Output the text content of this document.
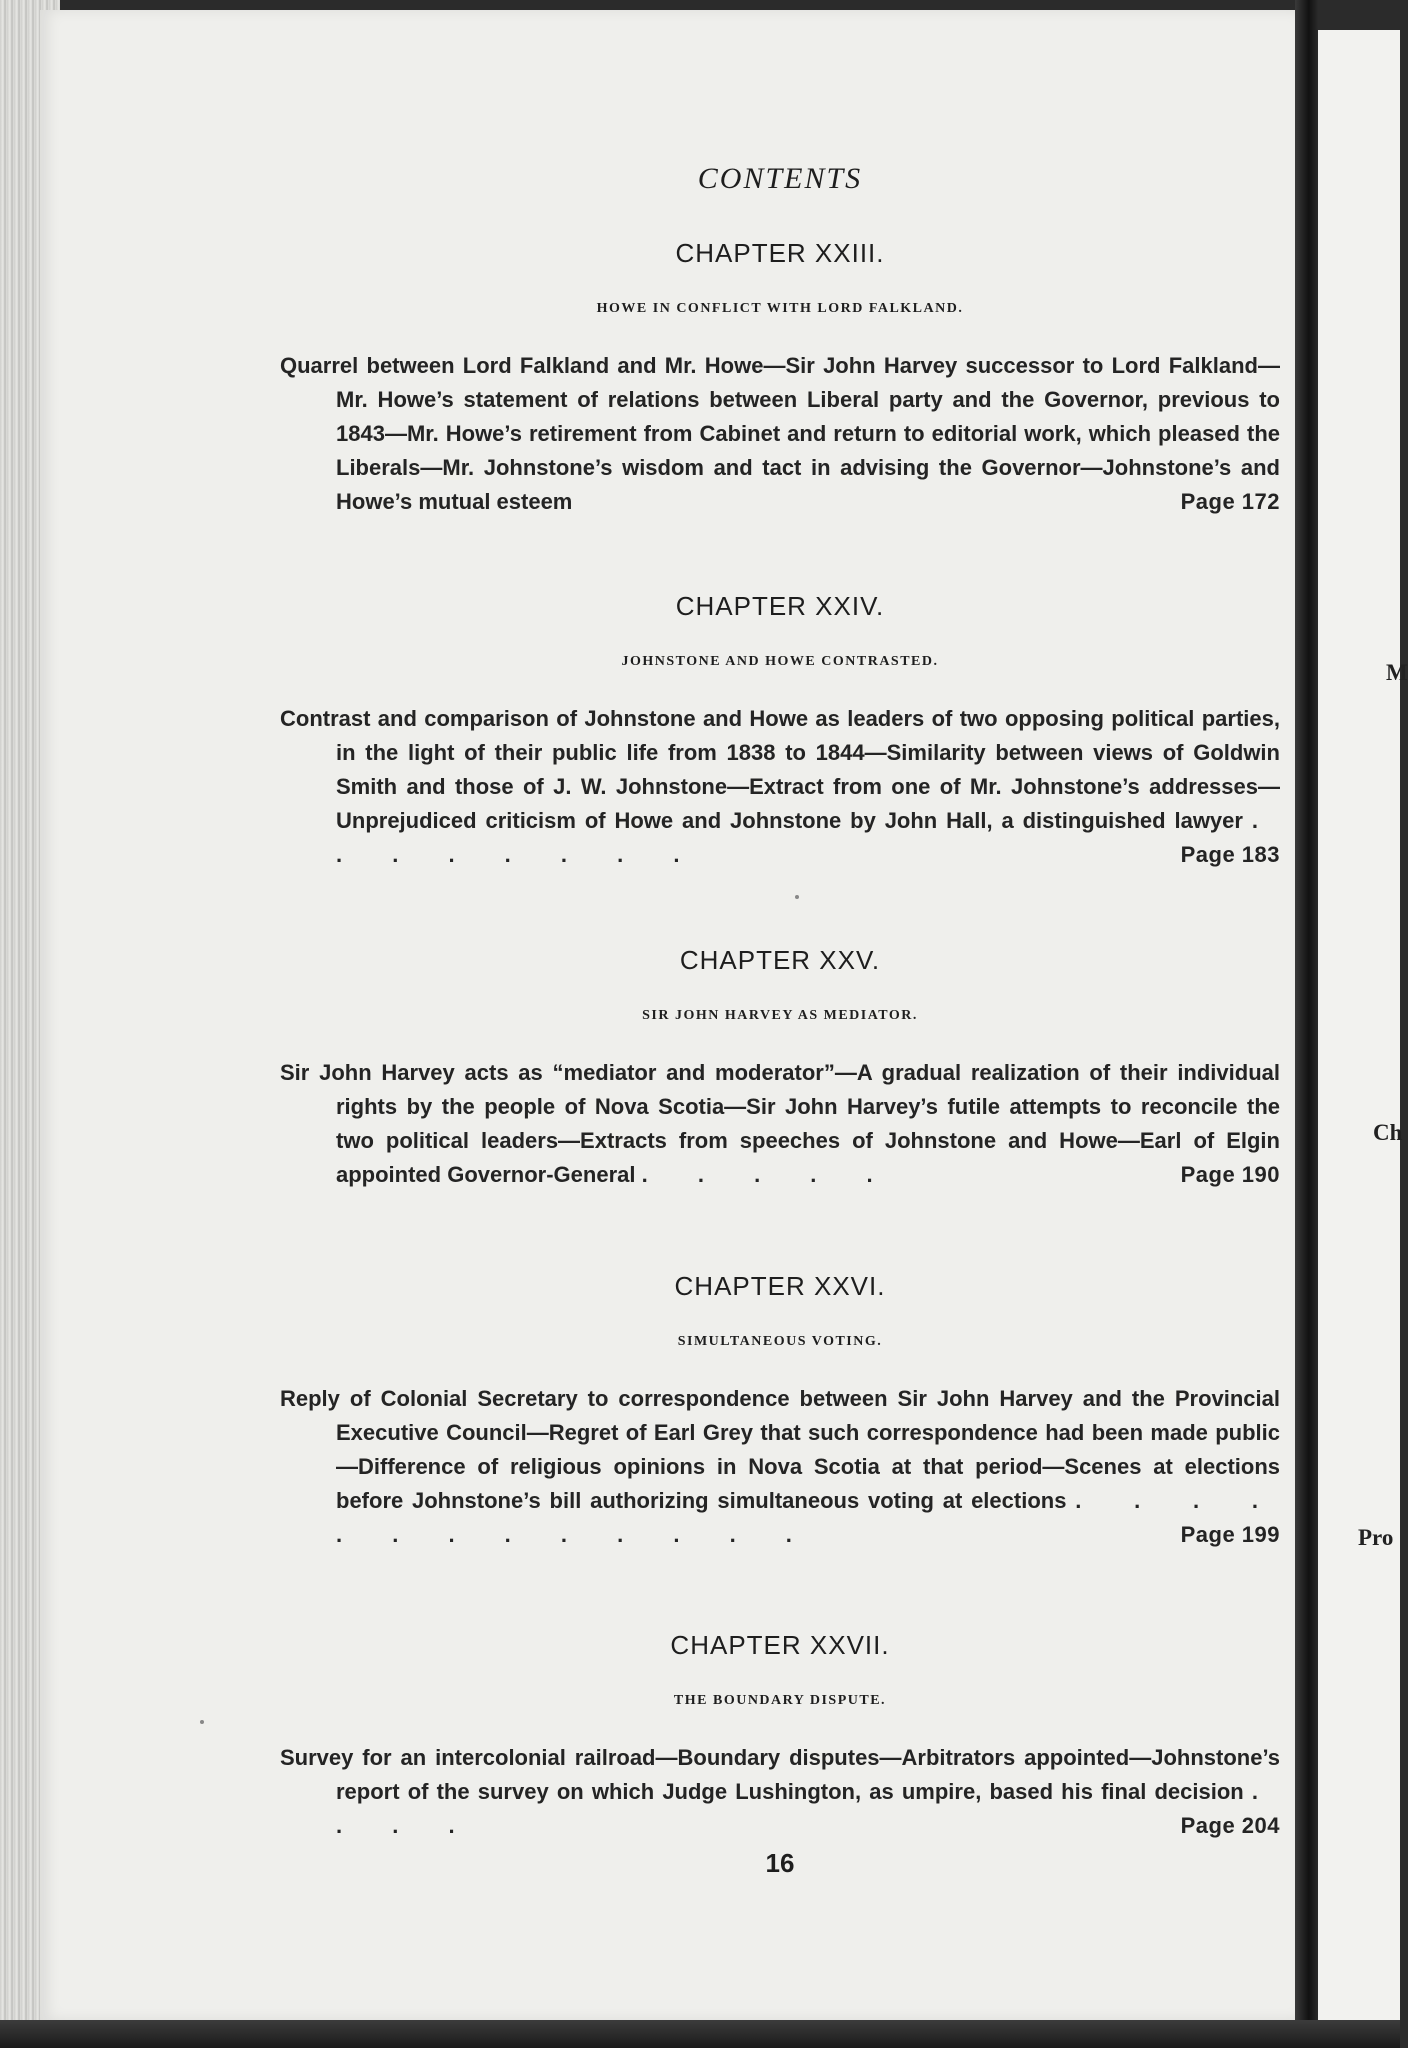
CONTENTS

CHAPTER XXIII.

HOWE IN CONFLICT WITH LORD FALKLAND.

Quarrel between Lord Falkland and Mr. Howe—Sir John Harvey successor to Lord Falkland—Mr. Howe’s statement of relations between Liberal party and the Governor, previous to 1843—Mr. Howe’s retirement from Cabinet and return to editorial work, which pleased the Liberals—Mr. Johnstone’s wisdom and tact in advising the Governor—Johnstone’s and Howe’s mutual esteem	Page 172

CHAPTER XXIV.

JOHNSTONE AND HOWE CONTRASTED.

Contrast and comparison of Johnstone and Howe as leaders of two opposing political parties, in the light of their public life from 1838 to 1844—Similarity between views of Goldwin Smith and those of J. W. Johnstone—Extract from one of Mr. Johnstone’s addresses—Unprejudiced criticism of Howe and Johnstone by John Hall, a distinguished lawyer . . . . . . . .	Page 183

CHAPTER XXV.

SIR JOHN HARVEY AS MEDIATOR.

Sir John Harvey acts as “mediator and moderator”—A gradual realization of their individual rights by the people of Nova Scotia—Sir John Harvey’s futile attempts to reconcile the two political leaders—Extracts from speeches of Johnstone and Howe—Earl of Elgin appointed Governor-General . . . . .	Page 190

CHAPTER XXVI.

SIMULTANEOUS VOTING.

Reply of Colonial Secretary to correspondence between Sir John Harvey and the Provincial Executive Council—Regret of Earl Grey that such correspondence had been made public—Difference of religious opinions in Nova Scotia at that period—Scenes at elections before Johnstone’s bill authorizing simultaneous voting at elections . . . . . . . . . . . . .	Page 199

CHAPTER XXVII.

THE BOUNDARY DISPUTE.

Survey for an intercolonial railroad—Boundary disputes—Arbitrators appointed—Johnstone’s report of the survey on which Judge Lushington, as umpire, based his final decision . . . .	Page 204

16
M
Ch
Pro
